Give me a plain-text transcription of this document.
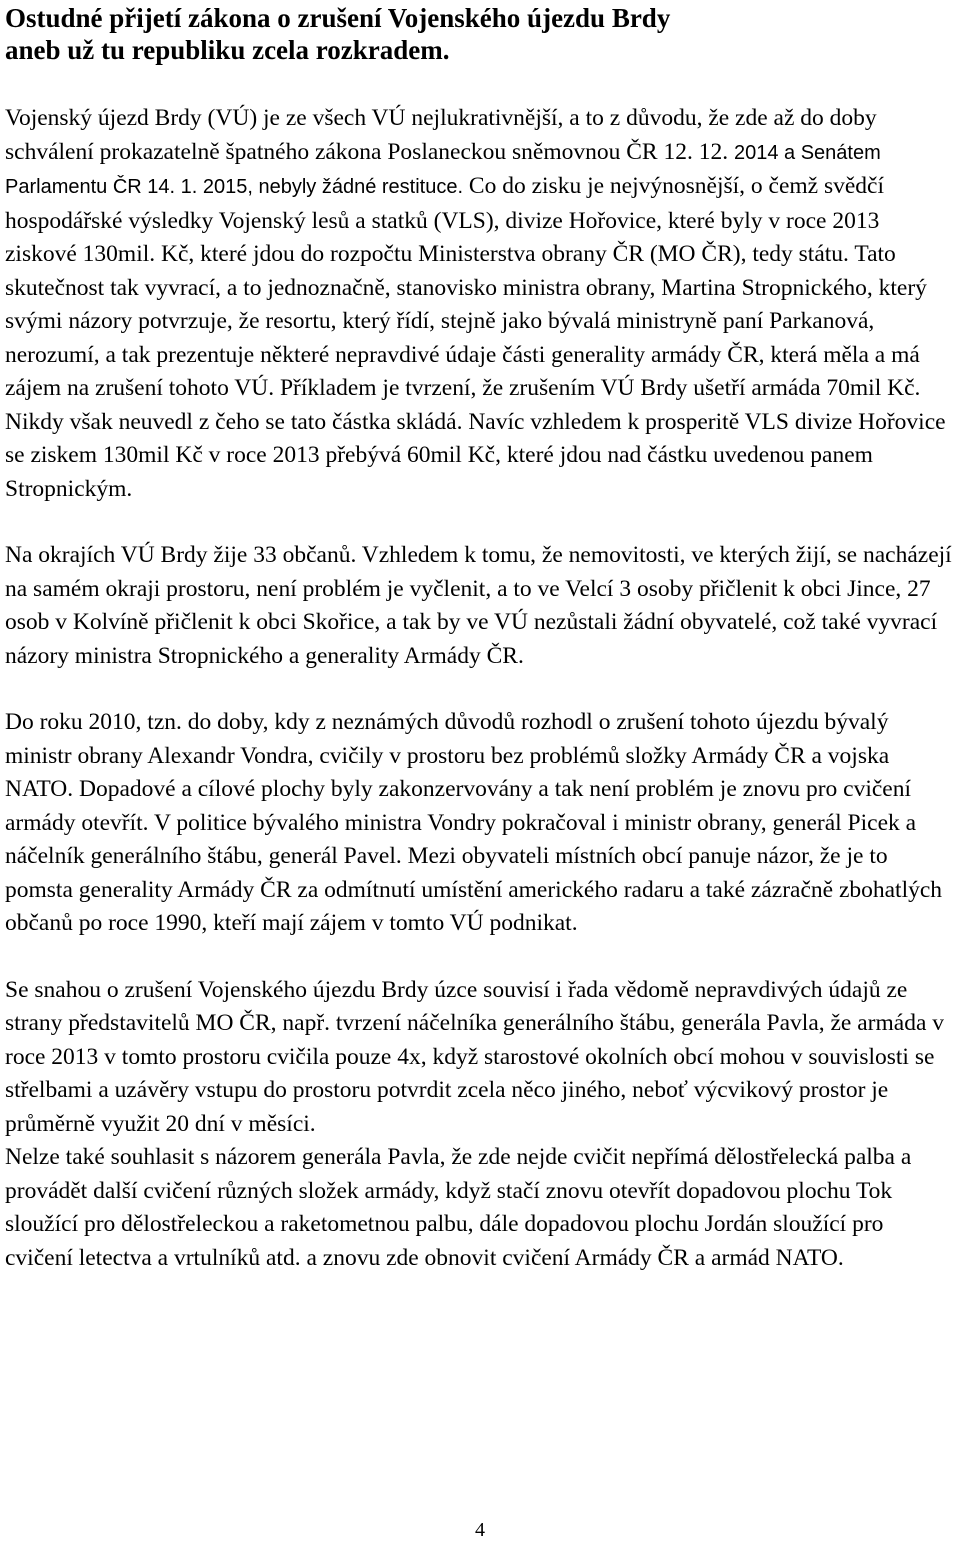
Ostudné přijetí zákona o zrušení Vojenského újezdu Brdy
aneb už tu republiku zcela rozkradem.

Vojenský újezd Brdy (VÚ) je ze všech VÚ nejlukrativnější, a to z důvodu, že zde až do doby schválení prokazatelně špatného zákona Poslaneckou sněmovnou ČR 12. 12. 2014 a Senátem Parlamentu ČR 14. 1. 2015, nebyly žádné restituce. Co do zisku je nejvýnosnější, o čemž svědčí hospodářské výsledky Vojenský lesů a statků (VLS), divize Hořovice, které byly v roce 2013 ziskové 130mil. Kč, které jdou do rozpočtu Ministerstva obrany ČR (MO ČR), tedy státu. Tato skutečnost tak vyvrací, a to jednoznačně, stanovisko ministra obrany, Martina Stropnického, který svými názory potvrzuje, že resortu, který řídí, stejně jako bývalá ministryně paní Parkanová, nerozumí, a tak prezentuje některé nepravdivé údaje části generality armády ČR, která měla a má zájem na zrušení tohoto VÚ. Příkladem je tvrzení, že zrušením VÚ Brdy ušetří armáda 70mil Kč. Nikdy však neuvedl z čeho se tato částka skládá. Navíc vzhledem k prosperitě VLS divize Hořovice se ziskem 130mil Kč v roce 2013 přebývá 60mil Kč, které jdou nad částku uvedenou panem Stropnickým.

Na okrajích VÚ Brdy žije 33 občanů. Vzhledem k tomu, že nemovitosti, ve kterých žijí, se nacházejí na samém okraji prostoru, není problém je vyčlenit, a to ve Velcí 3 osoby přičlenit k obci Jince, 27 osob v Kolvíně přičlenit k obci Skořice, a tak by ve VÚ nezůstali žádní obyvatelé, což také vyvrací názory ministra Stropnického a generality Armády ČR.

Do roku 2010, tzn. do doby, kdy z neznámých důvodů rozhodl o zrušení tohoto újezdu bývalý ministr obrany Alexandr Vondra, cvičily v prostoru bez problémů složky Armády ČR a vojska NATO. Dopadové a cílové plochy byly zakonzervovány a tak není problém je znovu pro cvičení armády otevřít. V politice bývalého ministra Vondry pokračoval i ministr obrany, generál Picek a náčelník generálního štábu, generál Pavel. Mezi obyvateli místních obcí panuje názor, že je to pomsta generality Armády ČR za odmítnutí umístění amerického radaru a také zázračně zbohatlých občanů po roce 1990, kteří mají zájem v tomto VÚ podnikat.

Se snahou o zrušení Vojenského újezdu Brdy úzce souvisí i řada vědomě nepravdivých údajů ze strany představitelů MO ČR, např. tvrzení náčelníka generálního štábu, generála Pavla, že armáda v roce 2013 v tomto prostoru cvičila pouze 4x, když starostové okolních obcí mohou v souvislosti se střelbami a uzávěry vstupu do prostoru potvrdit zcela něco jiného, neboť výcvikový prostor je průměrně využit 20 dní v měsíci.

Nelze také souhlasit s názorem generála Pavla, že zde nejde cvičit nepřímá dělostřelecká palba a provádět další cvičení různých složek armády, když stačí znovu otevřít dopadovou plochu Tok sloužící pro dělostřeleckou a raketometnou palbu, dále dopadovou plochu Jordán sloužící pro cvičení letectva a vrtulníků atd. a znovu zde obnovit cvičení Armády ČR a armád NATO.

4
